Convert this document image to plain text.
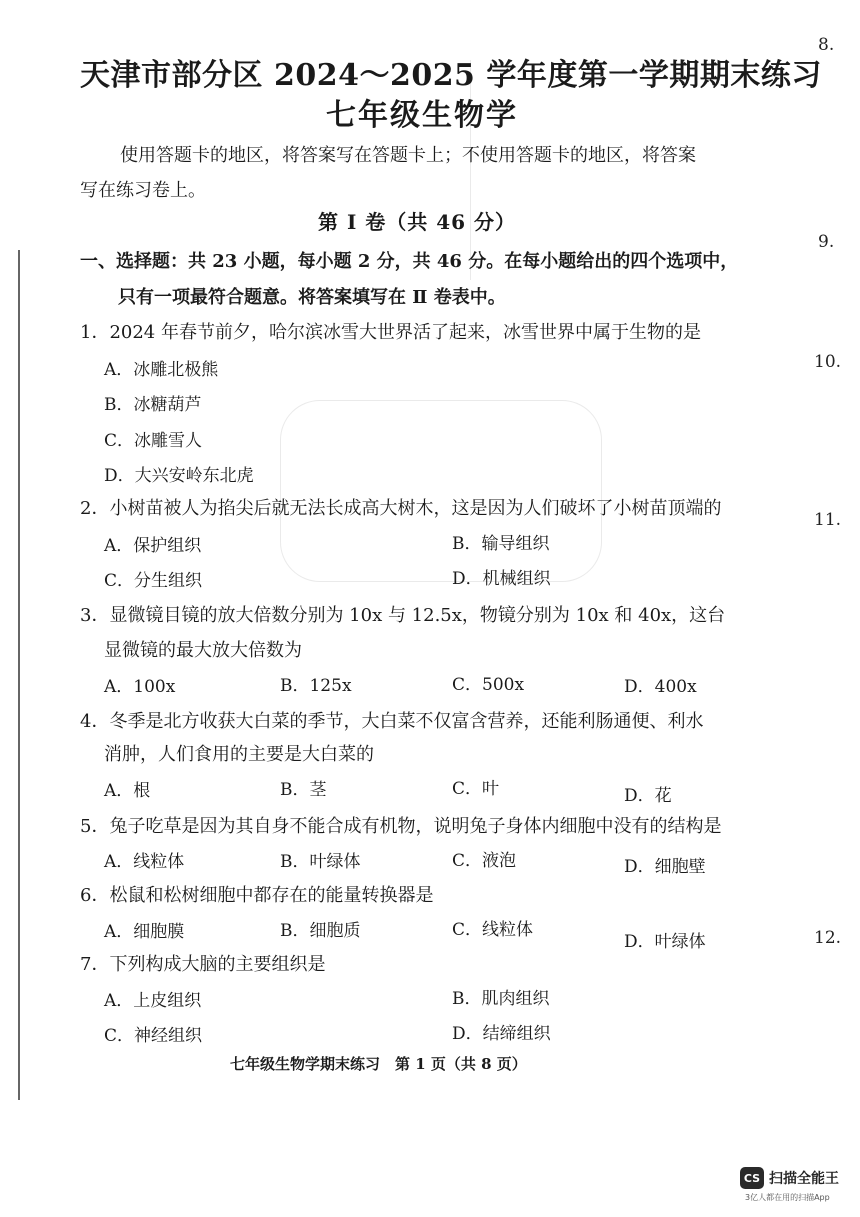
天津市部分区 2024～2025 学年度第一学期期末练习
七年级生物学
使用答题卡的地区，将答案写在答题卡上；不使用答题卡的地区，将答案
写在练习卷上。
第 Ⅰ 卷（共 46 分）
一、选择题：共 23 小题，每小题 2 分，共 46 分。在每小题给出的四个选项中，
只有一项最符合题意。将答案填写在 Ⅱ 卷表中。
1．2024 年春节前夕，哈尔滨冰雪大世界活了起来，冰雪世界中属于生物的是
A．冰雕北极熊
B．冰糖葫芦
C．冰雕雪人
D．大兴安岭东北虎
2．小树苗被人为掐尖后就无法长成高大树木，这是因为人们破坏了小树苗顶端的
A．保护组织	B．输导组织
C．分生组织	D．机械组织
3．显微镜目镜的放大倍数分别为 10x 与 12.5x，物镜分别为 10x 和 40x，这台
显微镜的最大放大倍数为
A．100x	B．125x	C．500x	D．400x
4．冬季是北方收获大白菜的季节，大白菜不仅富含营养，还能利肠通便、利水
消肿，人们食用的主要是大白菜的
A．根	B．茎	C．叶	D．花
5．兔子吃草是因为其自身不能合成有机物，说明兔子身体内细胞中没有的结构是
A．线粒体	B．叶绿体	C．液泡	D．细胞壁
6．松鼠和松树细胞中都存在的能量转换器是
A．细胞膜	B．细胞质	C．线粒体
D．叶绿体
7．下列构成大脑的主要组织是
A．上皮组织	B．肌肉组织
C．神经组织	D．结缔组织
七年级生物学期末练习　第 1 页（共 8 页）
8.
9.
10.
11.
12.
CS 扫描全能王
3亿人都在用的扫描App
